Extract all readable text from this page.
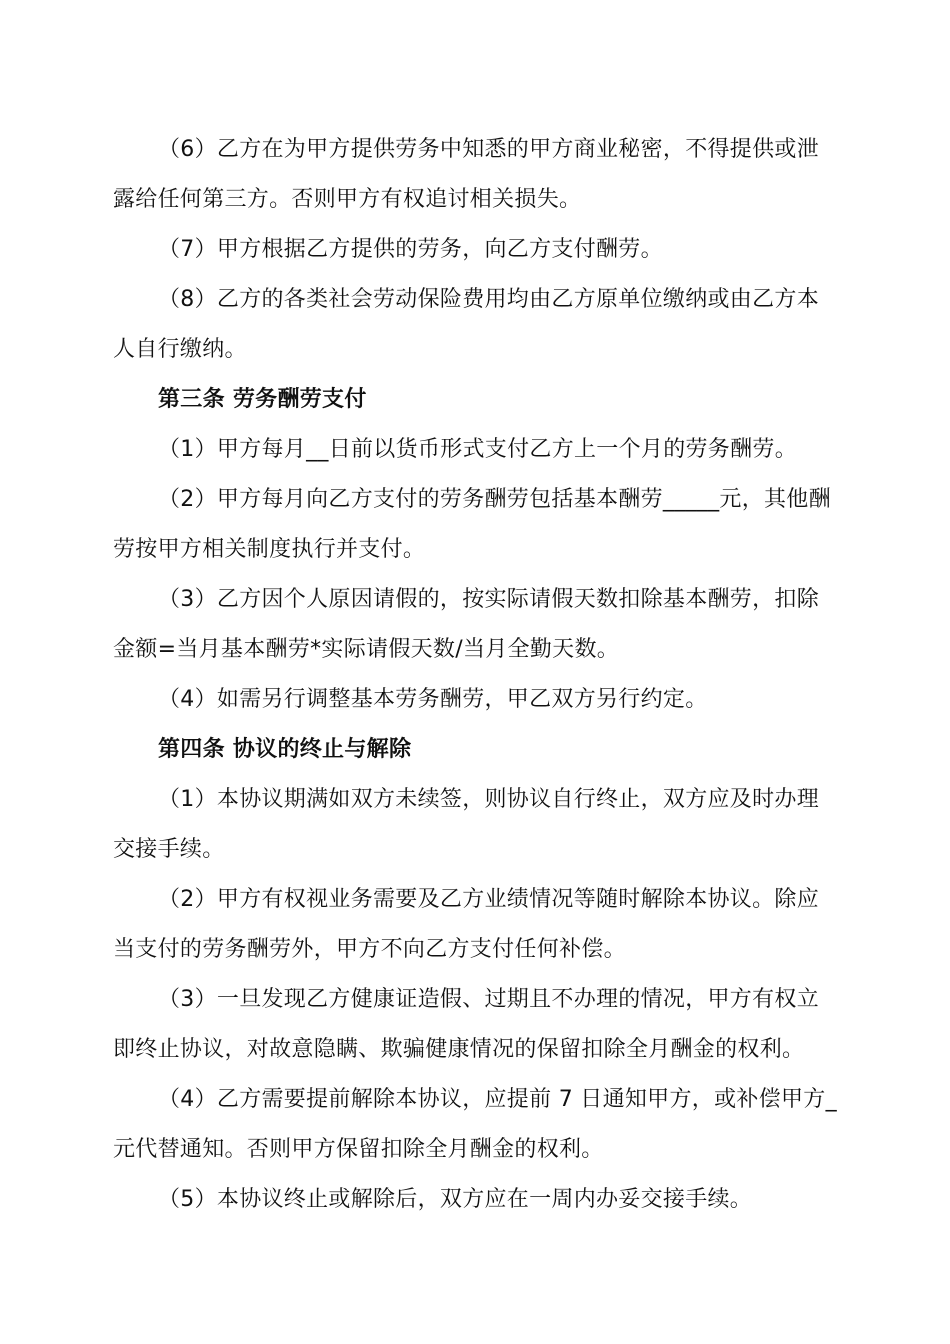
（6）乙方在为甲方提供劳务中知悉的甲方商业秘密，不得提供或泄
露给任何第三方。否则甲方有权追讨相关损失。
（7）甲方根据乙方提供的劳务，向乙方支付酬劳。
（8）乙方的各类社会劳动保险费用均由乙方原单位缴纳或由乙方本
人自行缴纳。
第三条 劳务酬劳支付
（1）甲方每月__日前以货币形式支付乙方上一个月的劳务酬劳。
（2）甲方每月向乙方支付的劳务酬劳包括基本酬劳_____元，其他酬
劳按甲方相关制度执行并支付。
（3）乙方因个人原因请假的，按实际请假天数扣除基本酬劳，扣除
金额=当月基本酬劳*实际请假天数/当月全勤天数。
（4）如需另行调整基本劳务酬劳，甲乙双方另行约定。
第四条 协议的终止与解除
（1）本协议期满如双方未续签，则协议自行终止，双方应及时办理
交接手续。
（2）甲方有权视业务需要及乙方业绩情况等随时解除本协议。除应
当支付的劳务酬劳外，甲方不向乙方支付任何补偿。
（3）一旦发现乙方健康证造假、过期且不办理的情况，甲方有权立
即终止协议，对故意隐瞒、欺骗健康情况的保留扣除全月酬金的权利。
（4）乙方需要提前解除本协议，应提前 7 日通知甲方，或补偿甲方_
元代替通知。否则甲方保留扣除全月酬金的权利。
（5）本协议终止或解除后，双方应在一周内办妥交接手续。
